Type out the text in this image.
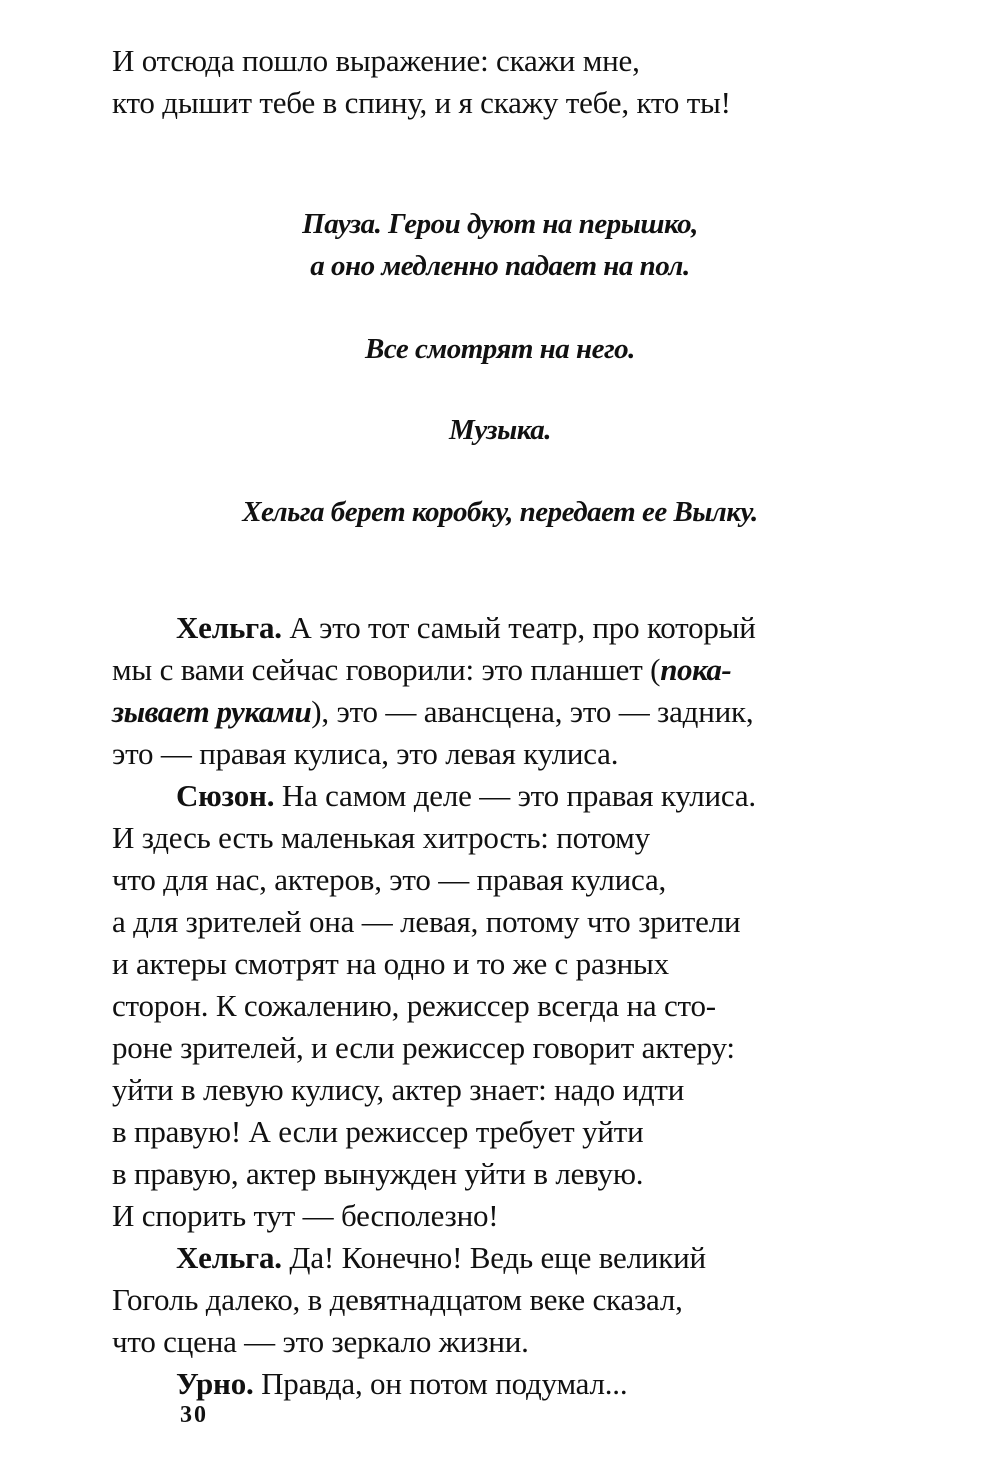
И отсюда пошло выражение: скажи мне,
кто дышит тебе в спину, и я скажу тебе, кто ты!
Пауза. Герои дуют на перышко,
а оно медленно падает на пол.
Все смотрят на него.
Музыка.
Хельга берет коробку, передает ее Вылку.
Хельга. А это тот самый театр, про который
мы с вами сейчас говорили: это планшет (пока-
зывает руками), это — авансцена, это — задник,
это — правая кулиса, это левая кулиса.
Сюзон. На самом деле — это правая кулиса.
И здесь есть маленькая хитрость: потому
что для нас, актеров, это — правая кулиса,
а для зрителей она — левая, потому что зрители
и актеры смотрят на одно и то же с разных
сторон. К сожалению, режиссер всегда на сто-
роне зрителей, и если режиссер говорит актеру:
уйти в левую кулису, актер знает: надо идти
в правую! А если режиссер требует уйти
в правую, актер вынужден уйти в левую.
И спорить тут — бесполезно!
Хельга. Да! Конечно! Ведь еще великий
Гоголь далеко, в девятнадцатом веке сказал,
что сцена — это зеркало жизни.
Урно. Правда, он потом подумал...
30
